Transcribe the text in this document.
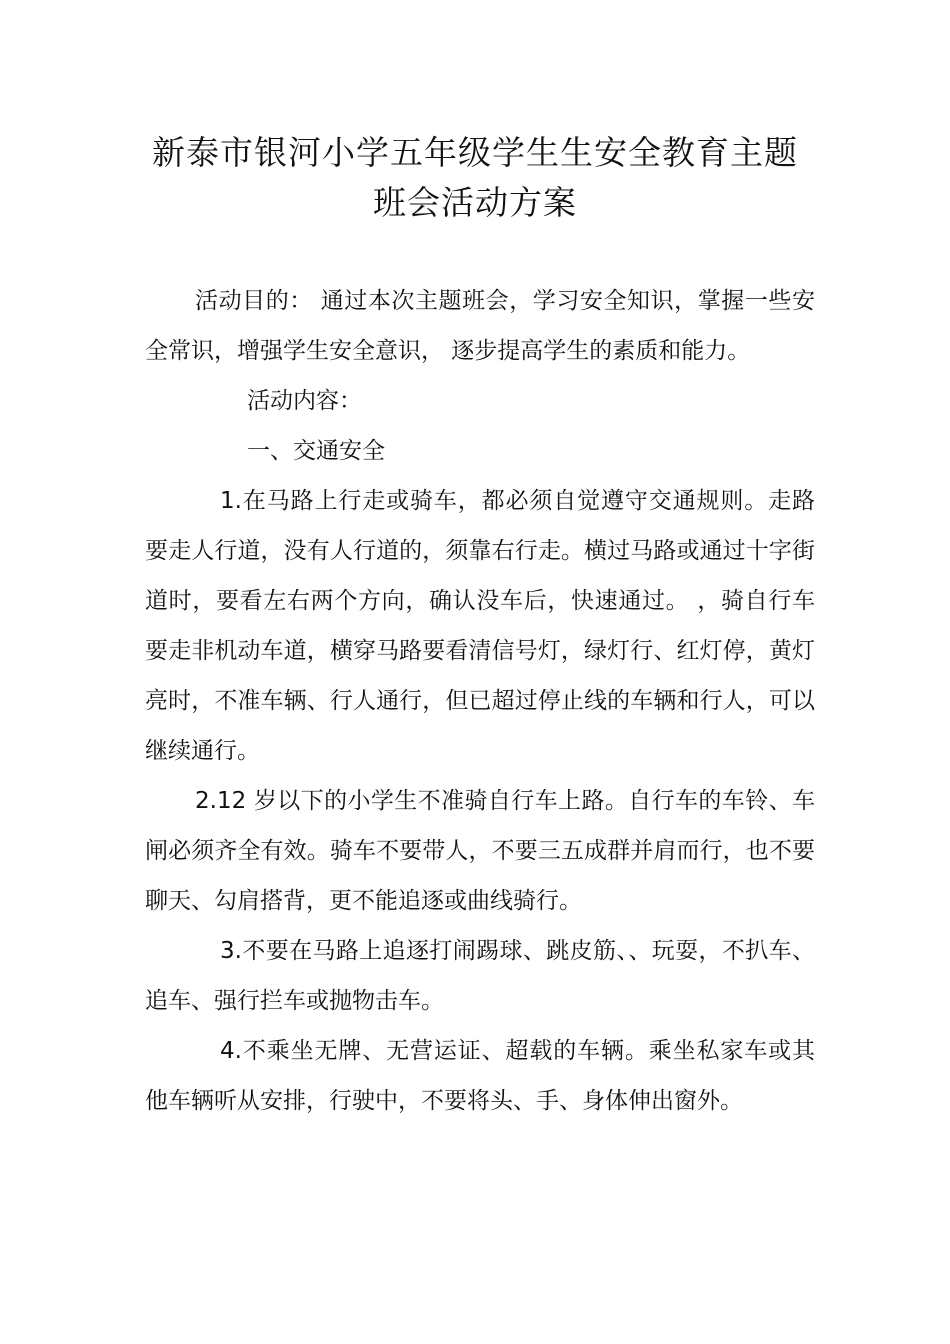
新泰市银河小学五年级学生生安全教育主题班会活动方案

活动目的： 通过本次主题班会，学习安全知识，掌握一些安全常识，增强学生安全意识， 逐步提高学生的素质和能力。

活动内容：

一、交通安全

1.在马路上行走或骑车，都必须自觉遵守交通规则。走路要走人行道，没有人行道的，须靠右行走。横过马路或通过十字街道时，要看左右两个方向，确认没车后，快速通过。 ，骑自行车要走非机动车道，横穿马路要看清信号灯，绿灯行、红灯停，黄灯亮时，不准车辆、行人通行，但已超过停止线的车辆和行人，可以继续通行。

2.12 岁以下的小学生不准骑自行车上路。自行车的车铃、车闸必须齐全有效。骑车不要带人，不要三五成群并肩而行，也不要聊天、勾肩搭背，更不能追逐或曲线骑行。

3.不要在马路上追逐打闹踢球、跳皮筋、、玩耍，不扒车、追车、强行拦车或抛物击车。

4.不乘坐无牌、无营运证、超载的车辆。乘坐私家车或其他车辆听从安排，行驶中，不要将头、手、身体伸出窗外。
